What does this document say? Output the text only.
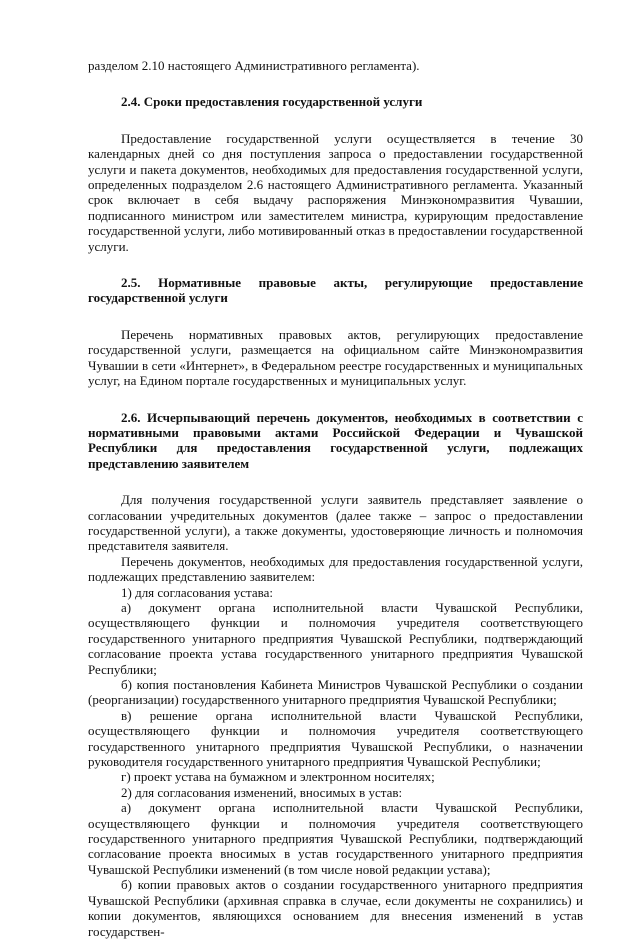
разделом 2.10 настоящего Административного регламента).

2.4. Сроки предоставления государственной услуги

Предоставление государственной услуги осуществляется в течение 30 календарных дней со дня поступления запроса о предоставлении государственной услуги и пакета документов, необходимых для предоставления государственной услуги, определенных подразделом 2.6 настоящего Административного регламента. Указанный срок включает в себя выдачу распоряжения Минэкономразвития Чувашии, подписанного министром или заместителем министра, курирующим предоставление государственной услуги, либо мотивированный отказ в предоставлении государственной услуги.

2.5. Нормативные правовые акты, регулирующие предоставление государственной услуги

Перечень нормативных правовых актов, регулирующих предоставление государственной услуги, размещается на официальном сайте Минэкономразвития Чувашии в сети «Интернет», в Федеральном реестре государственных и муниципальных услуг, на Едином портале государственных и муниципальных услуг.

2.6. Исчерпывающий перечень документов, необходимых в соответствии с нормативными правовыми актами Российской Федерации и Чувашской Республики для предоставления государственной услуги, подлежащих представлению заявителем

Для получения государственной услуги заявитель представляет заявление о согласовании учредительных документов (далее также – запрос о предоставлении государственной услуги), а также документы, удостоверяющие личность и полномочия представителя заявителя.

Перечень документов, необходимых для предоставления государственной услуги, подлежащих представлению заявителем:

1) для согласования устава:

а) документ органа исполнительной власти Чувашской Республики, осуществляющего функции и полномочия учредителя соответствующего государственного унитарного предприятия Чувашской Республики, подтверждающий согласование проекта устава государственного унитарного предприятия Чувашской Республики;

б) копия постановления Кабинета Министров Чувашской Республики о создании (реорганизации) государственного унитарного предприятия Чувашской Республики;

в) решение органа исполнительной власти Чувашской Республики, осуществляющего функции и полномочия учредителя соответствующего государственного унитарного предприятия Чувашской Республики, о назначении руководителя государственного унитарного предприятия Чувашской Республики;

г) проект устава на бумажном и электронном носителях;

2) для согласования изменений, вносимых в устав:

а) документ органа исполнительной власти Чувашской Республики, осуществляющего функции и полномочия учредителя соответствующего государственного унитарного предприятия Чувашской Республики, подтверждающий согласование проекта вносимых в устав государственного унитарного предприятия Чувашской Республики изменений (в том числе новой редакции устава);

б) копии правовых актов о создании государственного унитарного предприятия Чувашской Республики (архивная справка в случае, если документы не сохранились) и копии документов, являющихся основанием для внесения изменений в устав государствен-
